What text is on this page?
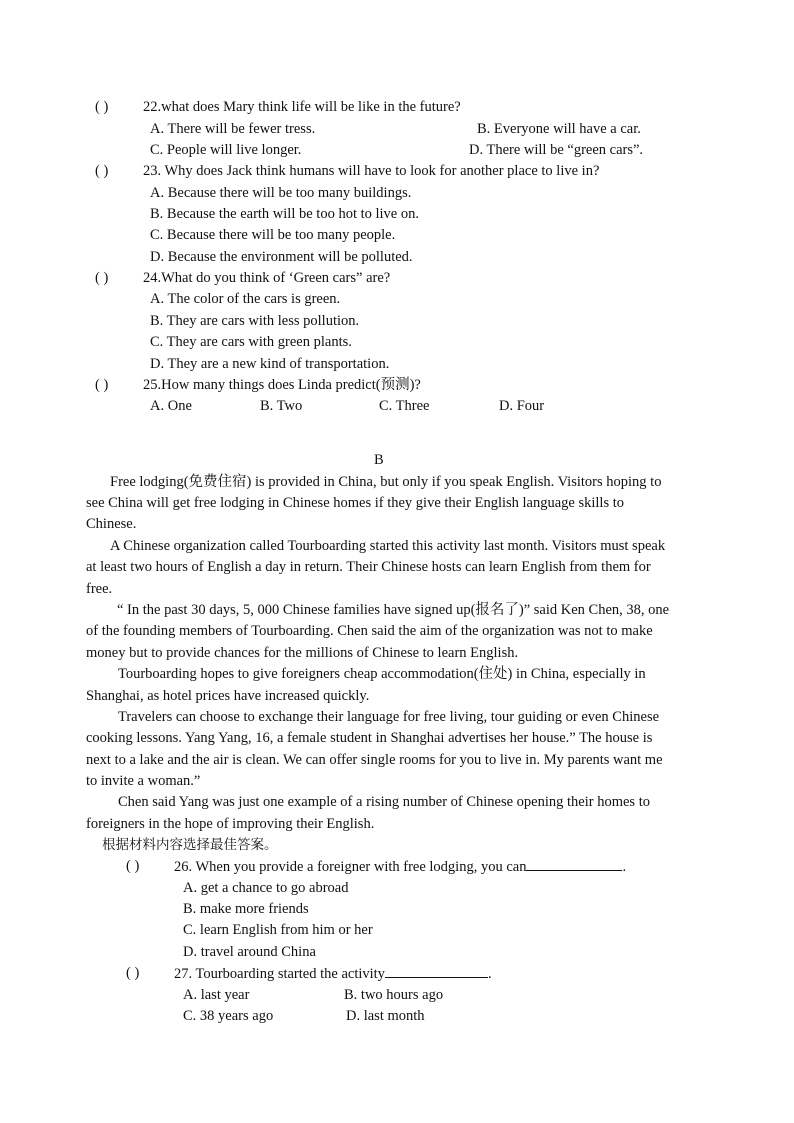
( ) 22.what does Mary think life will be like in the future?
A. There will be fewer tress.	B. Everyone will have a car.
C. People will live longer.	D. There will be “green cars”.
( ) 23. Why does Jack think humans will have to look for another place to live in?
A. Because there will be too many buildings.
B. Because the earth will be too hot to live on.
C. Because there will be too many people.
D. Because the environment will be polluted.
( ) 24.What do you think of ‘Green cars” are?
A. The color of the cars is green.
B. They are cars with less pollution.
C. They are cars with green plants.
D. They are a new kind of transportation.
( ) 25.How many things does Linda predict(预测)?
A. One	B. Two	C. Three	D. Four
B
Free lodging(免费住宿) is provided in China, but only if you speak English. Visitors hoping to
see China will get free lodging in Chinese homes if they give their English language skills to
Chinese.
A Chinese organization called Tourboarding started this activity last month. Visitors must speak
at least two hours of English a day in return. Their Chinese hosts can learn English from them for
free.
“ In the past 30 days, 5, 000 Chinese families have signed up(报名了)” said Ken Chen, 38, one
of the founding members of Tourboarding. Chen said the aim of the organization was not to make
money but to provide chances for the millions of Chinese to learn English.
Tourboarding hopes to give foreigners cheap accommodation(住处) in China, especially in
Shanghai, as hotel prices have increased quickly.
Travelers can choose to exchange their language for free living, tour guiding or even Chinese
cooking lessons. Yang Yang, 16, a female student in Shanghai advertises her house.” The house is
next to a lake and the air is clean. We can offer single rooms for you to live in. My parents want me
to invite a woman.”
Chen said Yang was just one example of a rising number of Chinese opening their homes to
foreigners in the hope of improving their English.
根据材料内容选择最佳答案。
( ) 26. When you provide a foreigner with free lodging, you can	.
A. get a chance to go abroad
B. make more friends
C. learn English from him or her
D. travel around China
( ) 27. Tourboarding started the activity	.
A. last year	B. two hours ago
C. 38 years ago	D. last month
